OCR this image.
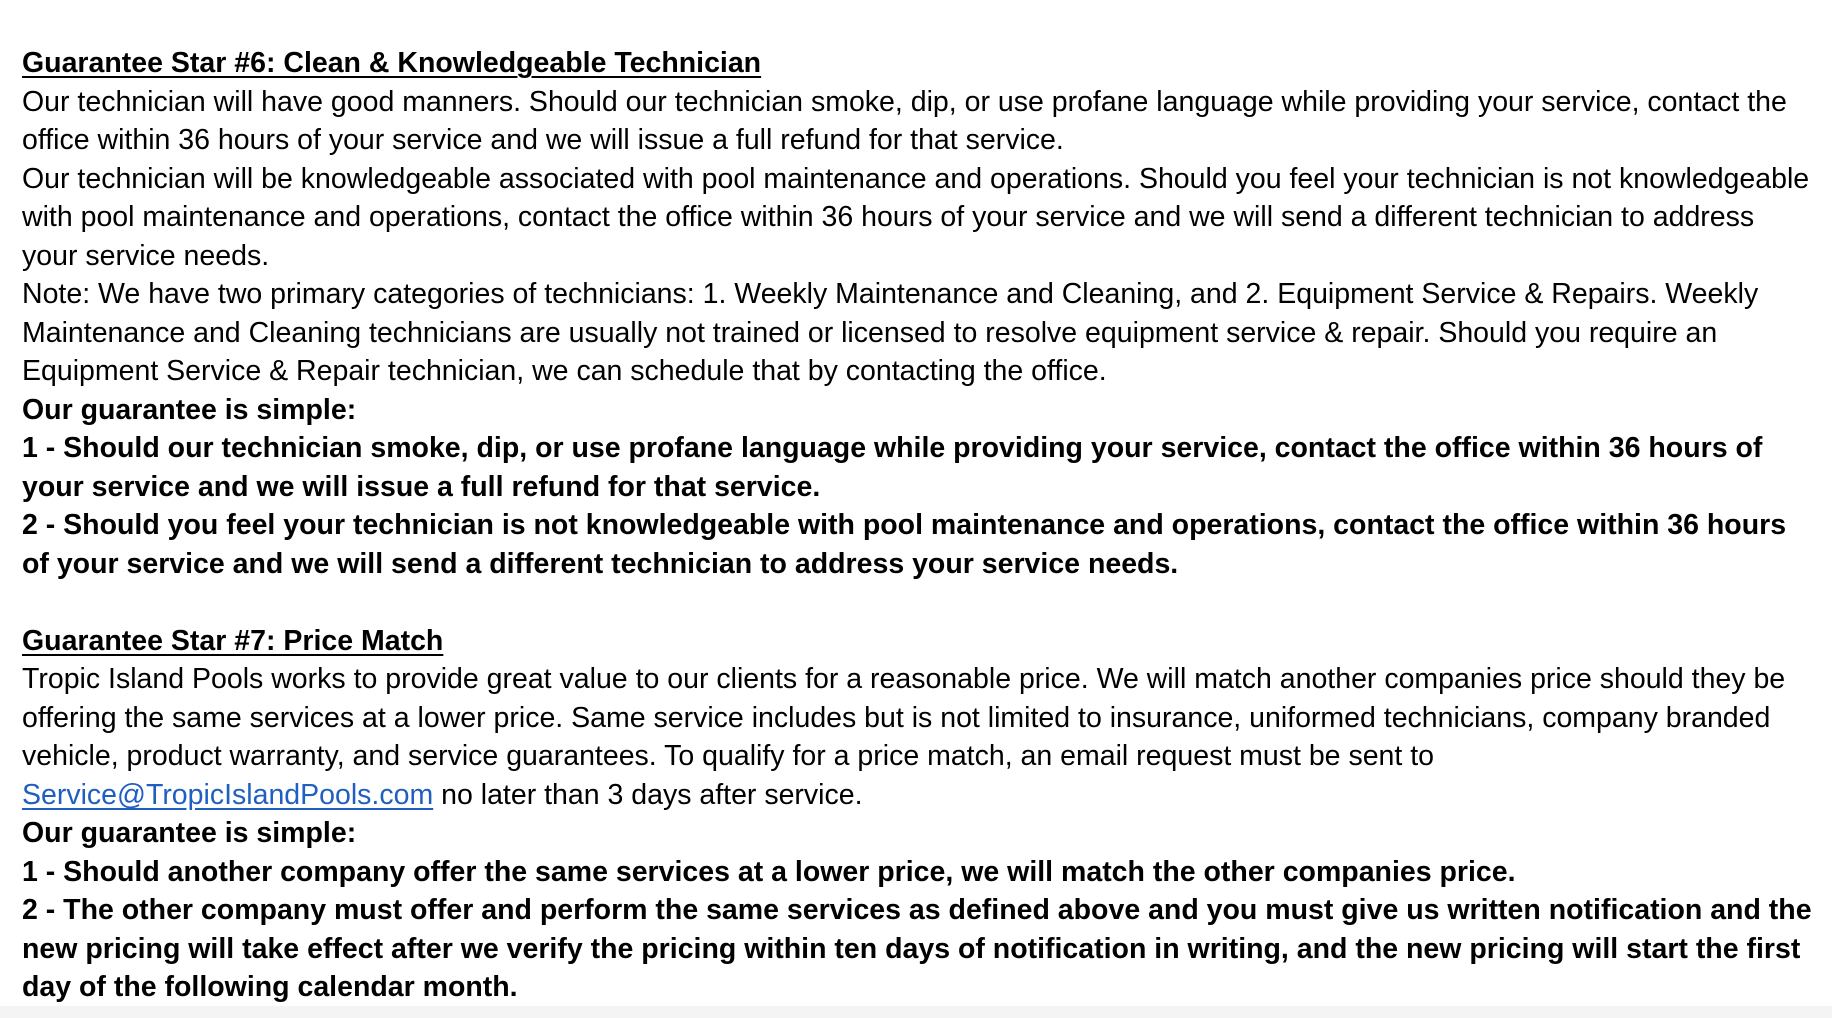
Guarantee Star #6: Clean & Knowledgeable Technician

Our technician will have good manners. Should our technician smoke, dip, or use profane language while providing your service, contact the office within 36 hours of your service and we will issue a full refund for that service.

Our technician will be knowledgeable associated with pool maintenance and operations. Should you feel your technician is not knowledgeable with pool maintenance and operations, contact the office within 36 hours of your service and we will send a different technician to address your service needs.

Note: We have two primary categories of technicians: 1. Weekly Maintenance and Cleaning, and 2. Equipment Service & Repairs. Weekly Maintenance and Cleaning technicians are usually not trained or licensed to resolve equipment service & repair. Should you require an Equipment Service & Repair technician, we can schedule that by contacting the office.

Our guarantee is simple:

1 - Should our technician smoke, dip, or use profane language while providing your service, contact the office within 36 hours of your service and we will issue a full refund for that service.

2 - Should you feel your technician is not knowledgeable with pool maintenance and operations, contact the office within 36 hours of your service and we will send a different technician to address your service needs.

Guarantee Star #7: Price Match

Tropic Island Pools works to provide great value to our clients for a reasonable price. We will match another companies price should they be offering the same services at a lower price. Same service includes but is not limited to insurance, uniformed technicians, company branded vehicle, product warranty, and service guarantees. To qualify for a price match, an email request must be sent to
Service@TropicIslandPools.com no later than 3 days after service.

Our guarantee is simple:

1 - Should another company offer the same services at a lower price, we will match the other companies price.

2 - The other company must offer and perform the same services as defined above and you must give us written notification and the new pricing will take effect after we verify the pricing within ten days of notification in writing, and the new pricing will start the first day of the following calendar month.
